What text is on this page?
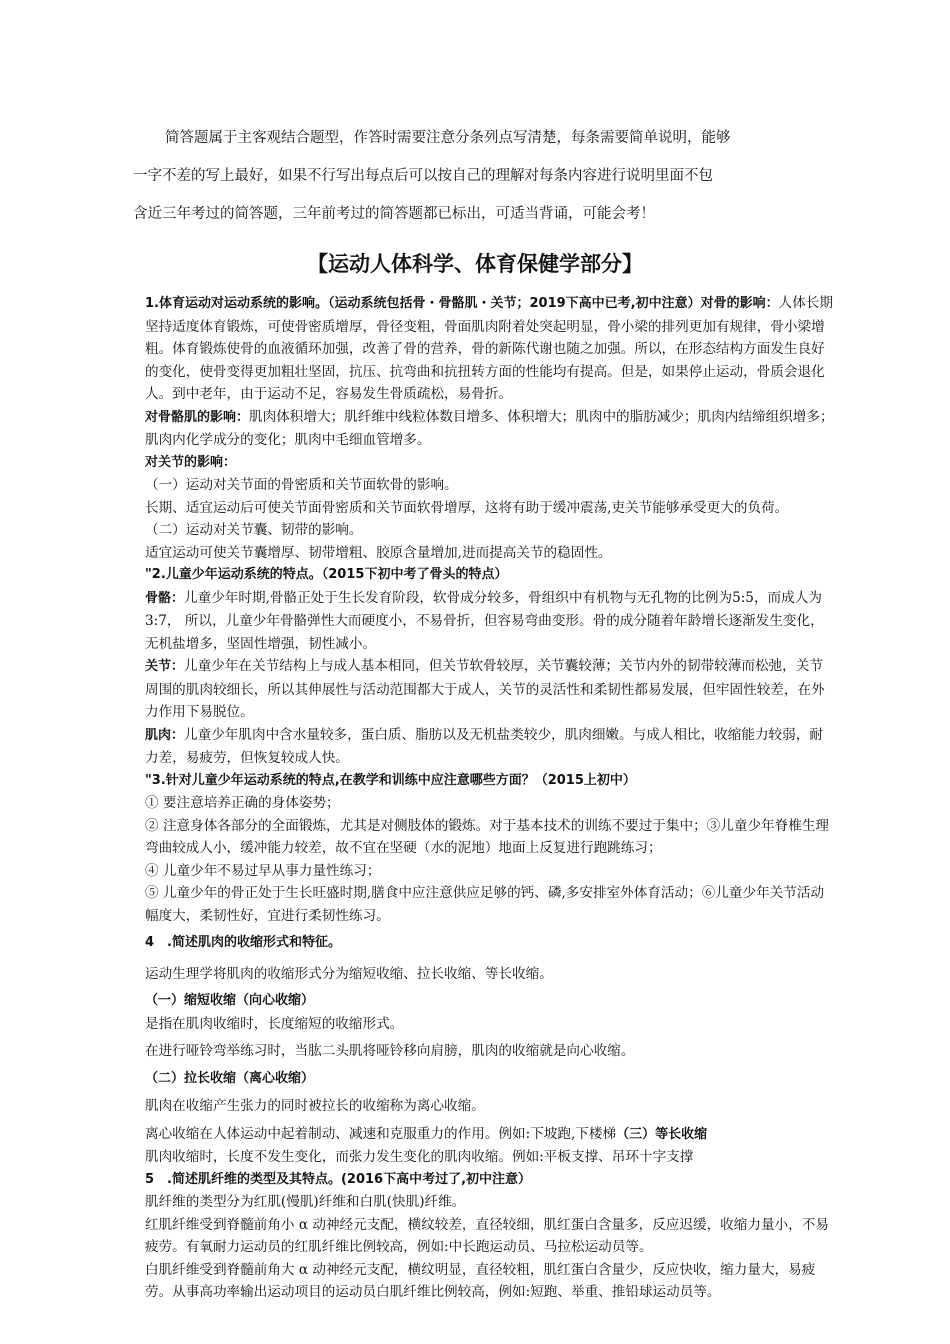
简答题属于主客观结合题型，作答时需要注意分条列点写清楚，每条需要简单说明，能够
一字不差的写上最好，如果不行写出每点后可以按自己的理解对每条内容进行说明里面不包
含近三年考过的简答题，三年前考过的简答题都已标出，可适当背诵，可能会考！
【运动人体科学、体育保健学部分】

1.体育运动对运动系统的影响。（运动系统包括骨・骨骼肌・关节；2019下高中已考,初中注意）对骨的影响：人体长期坚持适度体育锻炼，可使骨密质增厚，骨径变粗，骨面肌肉附着处突起明显，骨小梁的排列更加有规律，骨小梁增粗。体育锻炼使骨的血液循环加强，改善了骨的营养，骨的新陈代谢也随之加强。所以，在形态结构方面发生良好的变化，使骨变得更加粗壮坚固，抗压、抗弯曲和抗扭转方面的性能均有提高。但是，如果停止运动，骨质会退化人。到中老年，由于运动不足，容易发生骨质疏松，易骨折。

对骨骼肌的影响：肌肉体积增大；肌纤维中线粒体数目增多、体积增大；肌肉中的脂肪减少；肌肉内结缔组织增多；肌肉内化学成分的变化；肌肉中毛细血管增多。

对关节的影响：

（一）运动对关节面的骨密质和关节面软骨的影响。

长期、适宜运动后可使关节面骨密质和关节面软骨增厚，这将有助于缓冲震荡,吏关节能够承受更大的负荷。

（二）运动对关节囊、韧带的影响。

适宜运动可使关节囊增厚、韧带增粗、胶原含量增加,进而提高关节的稳固性。

"2.儿童少年运动系统的特点。（2015下初中考了骨头的特点）

骨骼：儿童少年时期,骨骼正处于生长发育阶段，软骨成分较多，骨组织中有机物与无孔物的比例为5:5，而成人为3:7， 所以，儿童少年骨骼弹性大而硬度小，不易骨折，但容易弯曲变形。骨的成分随着年龄增长逐渐发生变化，无机盐增多，坚固性增强，韧性减小。

关节：儿童少年在关节结构上与成人基本相同，但关节软骨较厚，关节囊较薄；关节内外的韧带较薄而松弛，关节周围的肌肉较细长，所以其伸展性与活动范围都大于成人，关节的灵活性和柔韧性都易发展，但牢固性较差，在外力作用下易脱位。

肌肉：儿童少年肌肉中含水量较多，蛋白质、脂肪以及无机盐类较少，肌肉细嫩。与成人相比，收缩能力较弱，耐力差，易疲劳，但恢复较成人快。

"3.针对儿童少年运动系统的特点,在教学和训练中应注意哪些方面？（2015上初中）

① 要注意培养正确的身体姿势；

② 注意身体各部分的全面锻炼，尤其是对侧肢体的锻炼。对于基本技术的训练不要过于集中；③儿童少年脊椎生理弯曲较成人小，缓冲能力较差，故不宜在坚硬（水的泥地）地面上反复进行跑跳练习；

④ 儿童少年不易过早从事力量性练习；

⑤ 儿童少年的骨正处于生长旺盛时期,膳食中应注意供应足够的钙、磷,多安排室外体育活动；⑥儿童少年关节活动幅度大，柔韧性好，宜进行柔韧性练习。

4　.简述肌肉的收缩形式和特征。

运动生理学将肌肉的收缩形式分为缩短收缩、拉长收缩、等长收缩。

（一）缩短收缩（向心收缩）

是指在肌肉收缩时，长度缩短的收缩形式。

在进行哑铃弯举练习时，当肱二头肌将哑铃移向肩膀，肌肉的收缩就是向心收缩。

（二）拉长收缩（离心收缩）

肌肉在收缩产生张力的同时被拉长的收缩称为离心收缩。

离心收缩在人体运动中起着制动、减速和克服重力的作用。例如:下坡跑,下楼梯（三）等长收缩

肌肉收缩时，长度不发生变化，而张力发生变化的肌肉收缩。例如:平板支撑、吊环十字支撑

5　.简述肌纤维的类型及其特点。(2016下高中考过了,初中注意）

肌纤维的类型分为红肌(慢肌)纤维和白肌(快肌)纤维。

红肌纤维受到脊髓前角小 α 动神经元支配，横纹较差，直径较细，肌红蛋白含量多，反应迟缓，收缩力量小，不易疲劳。有氧耐力运动员的红肌纤维比例较高，例如:中长跑运动员、马拉松运动员等。

白肌纤维受到脊髓前角大 α 动神经元支配，横纹明显，直径较粗，肌红蛋白含量少，反应快收，缩力量大，易疲劳。从事高功率输出运动项目的运动员白肌纤维比例较高，例如:短跑、举重、推铅球运动员等。
